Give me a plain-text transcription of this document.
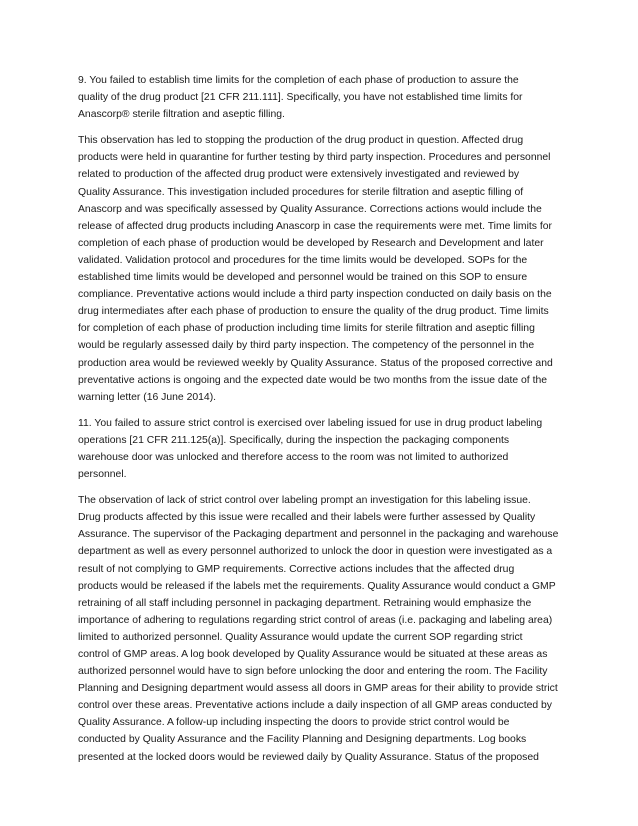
9. You failed to establish time limits for the completion of each phase of production to assure the
quality of the drug product [21 CFR 211.111]. Specifically, you have not established time limits for
Anascorp® sterile filtration and aseptic filling.

This observation has led to stopping the production of the drug product in question. Affected drug
products were held in quarantine for further testing by third party inspection. Procedures and personnel
related to production of the affected drug product were extensively investigated and reviewed by
Quality Assurance. This investigation included procedures for sterile filtration and aseptic filling of
Anascorp and was specifically assessed by Quality Assurance. Corrections actions would include the
release of affected drug products including Anascorp in case the requirements were met. Time limits for
completion of each phase of production would be developed by Research and Development and later
validated. Validation protocol and procedures for the time limits would be developed. SOPs for the
established time limits would be developed and personnel would be trained on this SOP to ensure
compliance. Preventative actions would include a third party inspection conducted on daily basis on the
drug intermediates after each phase of production to ensure the quality of the drug product. Time limits
for completion of each phase of production including time limits for sterile filtration and aseptic filling
would be regularly assessed daily by third party inspection. The competency of the personnel in the
production area would be reviewed weekly by Quality Assurance. Status of the proposed corrective and
preventative actions is ongoing and the expected date would be two months from the issue date of the
warning letter (16 June 2014).

11. You failed to assure strict control is exercised over labeling issued for use in drug product labeling
operations [21 CFR 211.125(a)]. Specifically, during the inspection the packaging components
warehouse door was unlocked and therefore access to the room was not limited to authorized
personnel.

The observation of lack of strict control over labeling prompt an investigation for this labeling issue.
Drug products affected by this issue were recalled and their labels were further assessed by Quality
Assurance. The supervisor of the Packaging department and personnel in the packaging and warehouse
department as well as every personnel authorized to unlock the door in question were investigated as a
result of not complying to GMP requirements. Corrective actions includes that the affected drug
products would be released if the labels met the requirements. Quality Assurance would conduct a GMP
retraining of all staff including personnel in packaging department. Retraining would emphasize the
importance of adhering to regulations regarding strict control of areas (i.e. packaging and labeling area)
limited to authorized personnel. Quality Assurance would update the current SOP regarding strict
control of GMP areas. A log book developed by Quality Assurance would be situated at these areas as
authorized personnel would have to sign before unlocking the door and entering the room. The Facility
Planning and Designing department would assess all doors in GMP areas for their ability to provide strict
control over these areas. Preventative actions include a daily inspection of all GMP areas conducted by
Quality Assurance. A follow-up including inspecting the doors to provide strict control would be
conducted by Quality Assurance and the Facility Planning and Designing departments. Log books
presented at the locked doors would be reviewed daily by Quality Assurance. Status of the proposed
